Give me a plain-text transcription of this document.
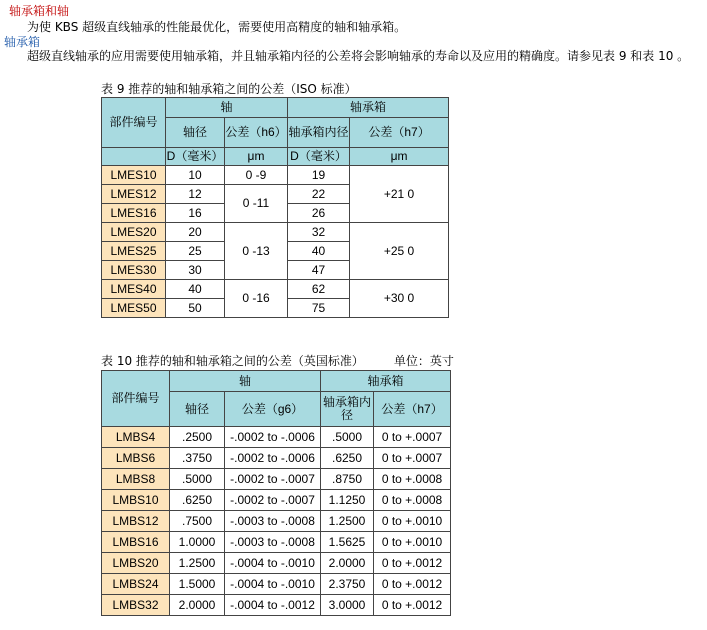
轴承箱和轴
为使 KBS 超级直线轴承的性能最优化，需要使用高精度的轴和轴承箱。
轴承箱
超级直线轴承的应用需要使用轴承箱，并且轴承箱内径的公差将会影响轴承的寿命以及应用的精确度。请参见表 9 和表 10 。
表 9 推荐的轴和轴承箱之间的公差（ISO 标准）
部件编号	轴		轴承箱	
	轴径	公差（h6）	轴承箱内径	公差（h7）
	D（毫米）	μm	D（毫米）	μm
LMES10	10	0 -9	19	+21 0
LMES12	12	0 -11	22	
LMES16	16		26	
LMES20	20	0 -13	32	+25 0
LMES25	25		40	
LMES30	30		47	
LMES40	40	0 -16	62	+30 0
LMES50	50		75	
表 10 推荐的轴和轴承箱之间的公差（英国标准）	单位：英寸
部件编号	轴		轴承箱	
	轴径	公差（g6）	轴承箱内径	公差（h7）
LMBS4	.2500	-.0002 to -.0006	.5000	0 to +.0007
LMBS6	.3750	-.0002 to -.0006	.6250	0 to +.0007
LMBS8	.5000	-.0002 to -.0007	.8750	0 to +.0008
LMBS10	.6250	-.0002 to -.0007	1.1250	0 to +.0008
LMBS12	.7500	-.0003 to -.0008	1.2500	0 to +.0010
LMBS16	1.0000	-.0003 to -.0008	1.5625	0 to +.0010
LMBS20	1.2500	-.0004 to -.0010	2.0000	0 to +.0012
LMBS24	1.5000	-.0004 to -.0010	2.3750	0 to +.0012
LMBS32	2.0000	-.0004 to -.0012	3.0000	0 to +.0012
